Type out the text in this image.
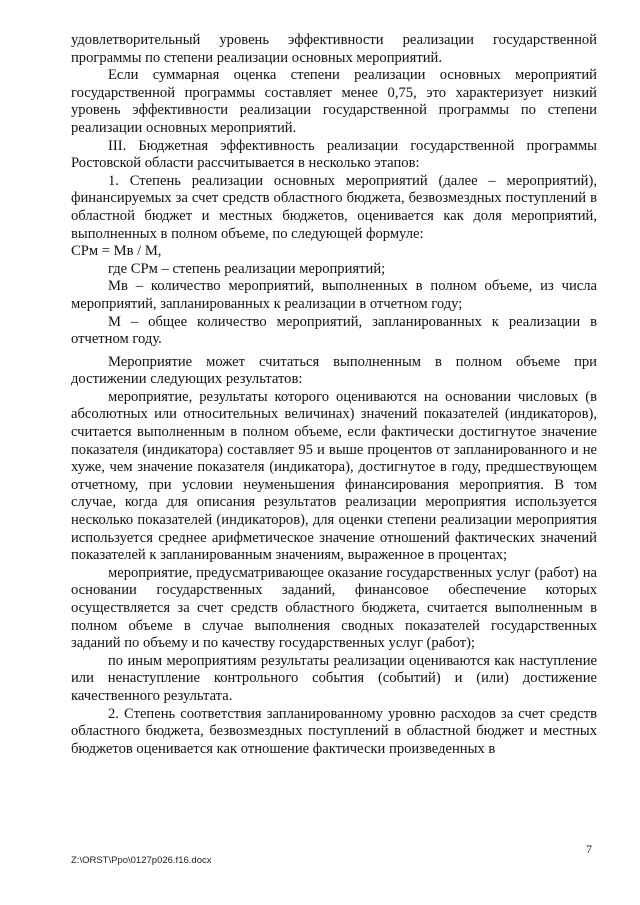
удовлетворительный уровень эффективности реализации государственной программы по степени реализации основных мероприятий.

Если суммарная оценка степени реализации основных мероприятий государственной программы составляет менее 0,75, это характеризует низкий уровень эффективности реализации государственной программы по степени реализации основных мероприятий.

III. Бюджетная эффективность реализации государственной программы Ростовской области рассчитывается в несколько этапов:

1. Степень реализации основных мероприятий (далее – мероприятий), финансируемых за счет средств областного бюджета, безвозмездных поступлений в областной бюджет и местных бюджетов, оценивается как доля мероприятий, выполненных в полном объеме, по следующей формуле:

СРм = Мв / М,

где СРм – степень реализации мероприятий;

Мв – количество мероприятий, выполненных в полном объеме, из числа мероприятий, запланированных к реализации в отчетном году;

М – общее количество мероприятий, запланированных к реализации в отчетном году.

Мероприятие может считаться выполненным в полном объеме при достижении следующих результатов:

мероприятие, результаты которого оцениваются на основании числовых (в абсолютных или относительных величинах) значений показателей (индикаторов), считается выполненным в полном объеме, если фактически достигнутое значение показателя (индикатора) составляет 95 и выше процентов от запланированного и не хуже, чем значение показателя (индикатора), достигнутое в году, предшествующем отчетному, при условии неуменьшения финансирования мероприятия. В том случае, когда для описания результатов реализации мероприятия используется несколько показателей (индикаторов), для оценки степени реализации мероприятия используется среднее арифметическое значение отношений фактических значений показателей к запланированным значениям, выраженное в процентах;

мероприятие, предусматривающее оказание государственных услуг (работ) на основании государственных заданий, финансовое обеспечение которых осуществляется за счет средств областного бюджета, считается выполненным в полном объеме в случае выполнения сводных показателей государственных заданий по объему и по качеству государственных услуг (работ);

по иным мероприятиям результаты реализации оцениваются как наступление или ненаступление контрольного события (событий) и (или) достижение качественного результата.

2. Степень соответствия запланированному уровню расходов за счет средств областного бюджета, безвозмездных поступлений в областной бюджет и местных бюджетов оценивается как отношение фактически произведенных в

7
Z:\ORST\Ppo\0127p026.f16.docx
